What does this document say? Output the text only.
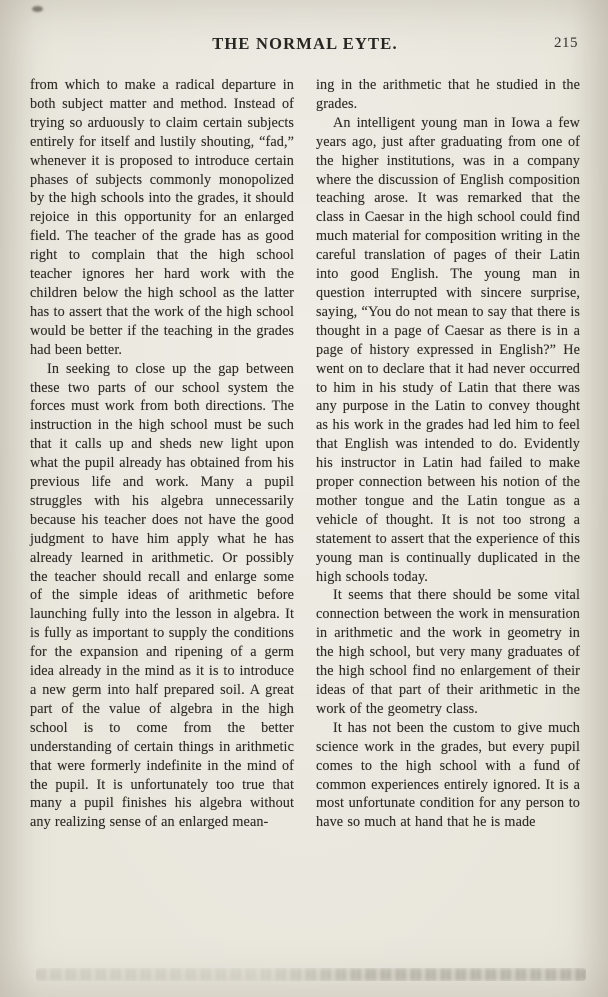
THE NORMAL EYTE.	215

from which to make a radical departure in both subject matter and method. Instead of trying so arduously to claim certain subjects entirely for itself and lustily shouting, “fad,” whenever it is proposed to introduce certain phases of subjects commonly monopolized by the high schools into the grades, it should rejoice in this opportunity for an enlarged field. The teacher of the grade has as good right to complain that the high school teacher ignores her hard work with the children below the high school as the latter has to assert that the work of the high school would be better if the teaching in the grades had been better.

In seeking to close up the gap between these two parts of our school system the forces must work from both directions. The instruction in the high school must be such that it calls up and sheds new light upon what the pupil already has obtained from his previous life and work. Many a pupil struggles with his algebra unnecessarily because his teacher does not have the good judgment to have him apply what he has already learned in arithmetic. Or possibly the teacher should recall and enlarge some of the simple ideas of arithmetic before launching fully into the lesson in algebra. It is fully as important to supply the conditions for the expansion and ripening of a germ idea already in the mind as it is to introduce a new germ into half prepared soil. A great part of the value of algebra in the high school is to come from the better understanding of certain things in arithmetic that were formerly indefinite in the mind of the pupil. It is unfortunately too true that many a pupil finishes his algebra without any realizing sense of an enlarged mean-

ing in the arithmetic that he studied in the grades.

An intelligent young man in Iowa a few years ago, just after graduating from one of the higher institutions, was in a company where the discussion of English composition teaching arose. It was remarked that the class in Caesar in the high school could find much material for composition writing in the careful translation of pages of their Latin into good English. The young man in question interrupted with sincere surprise, saying, “You do not mean to say that there is thought in a page of Caesar as there is in a page of history expressed in English?” He went on to declare that it had never occurred to him in his study of Latin that there was any purpose in the Latin to convey thought as his work in the grades had led him to feel that English was intended to do. Evidently his instructor in Latin had failed to make proper connection between his notion of the mother tongue and the Latin tongue as a vehicle of thought. It is not too strong a statement to assert that the experience of this young man is continually duplicated in the high schools today.

It seems that there should be some vital connection between the work in mensuration in arithmetic and the work in geometry in the high school, but very many graduates of the high school find no enlargement of their ideas of that part of their arithmetic in the work of the geometry class.

It has not been the custom to give much science work in the grades, but every pupil comes to the high school with a fund of common experiences entirely ignored. It is a most unfortunate condition for any person to have so much at hand that he is made
